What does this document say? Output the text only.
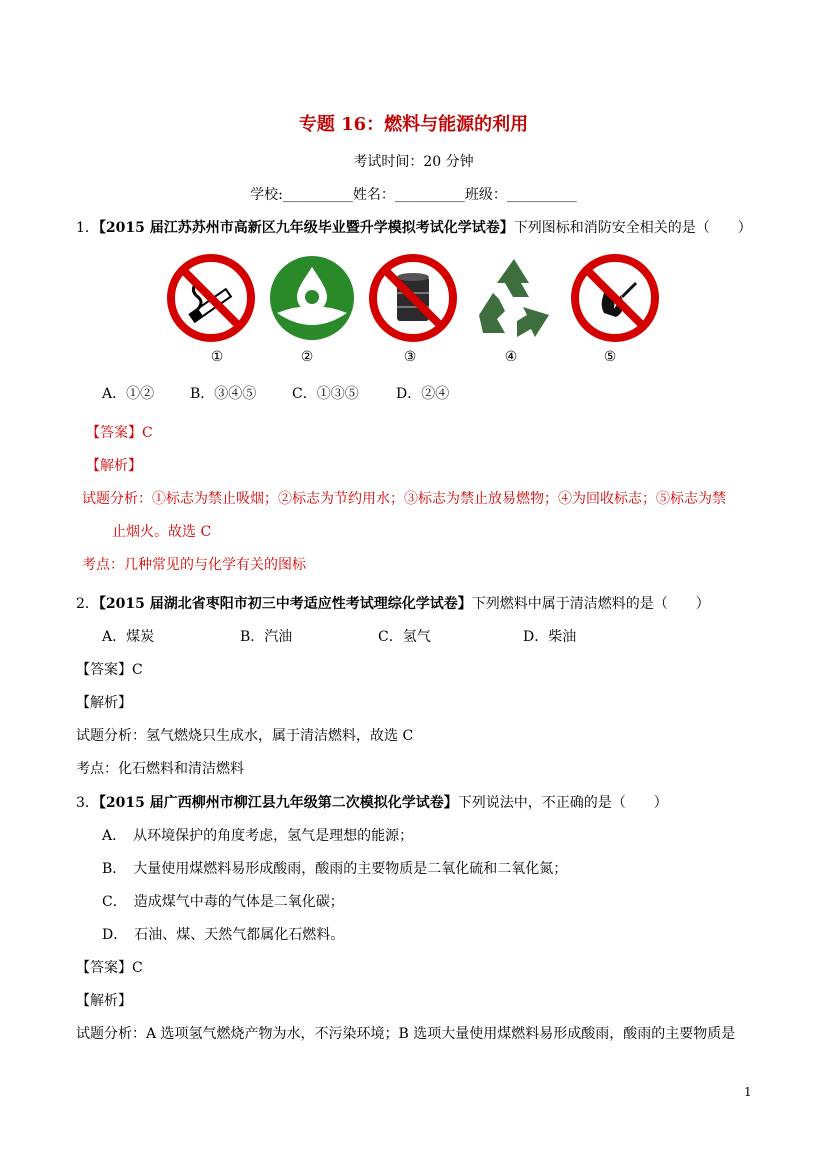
专题 16：燃料与能源的利用
考试时间：20 分钟
学校:__________姓名：__________班级：__________
1．【2015 届江苏苏州市高新区九年级毕业暨升学模拟考试化学试卷】下列图标和消防安全相关的是（　　）
①	②	③	④	⑤
A．①②	B．③④⑤	C．①③⑤	D．②④
【答案】C
【解析】
试题分析：①标志为禁止吸烟；②标志为节约用水；③标志为禁止放易燃物；④为回收标志；⑤标志为禁
止烟火。故选 C
考点：几种常见的与化学有关的图标
2．【2015 届湖北省枣阳市初三中考适应性考试理综化学试卷】下列燃料中属于清洁燃料的是（　　）
A．煤炭	B．汽油	C．氢气	D．柴油
【答案】C
【解析】
试题分析：氢气燃烧只生成水，属于清洁燃料，故选 C
考点：化石燃料和清洁燃料
3．【2015 届广西柳州市柳江县九年级第二次模拟化学试卷】下列说法中，不正确的是（　　）
A．　从环境保护的角度考虑，氢气是理想的能源；
B．　大量使用煤燃料易形成酸雨，酸雨的主要物质是二氧化硫和二氧化氮；
C．　造成煤气中毒的气体是二氧化碳；
D．　石油、煤、天然气都属化石燃料。
【答案】C
【解析】
试题分析：A 选项氢气燃烧产物为水，不污染环境；B 选项大量使用煤燃料易形成酸雨，酸雨的主要物质是
1
